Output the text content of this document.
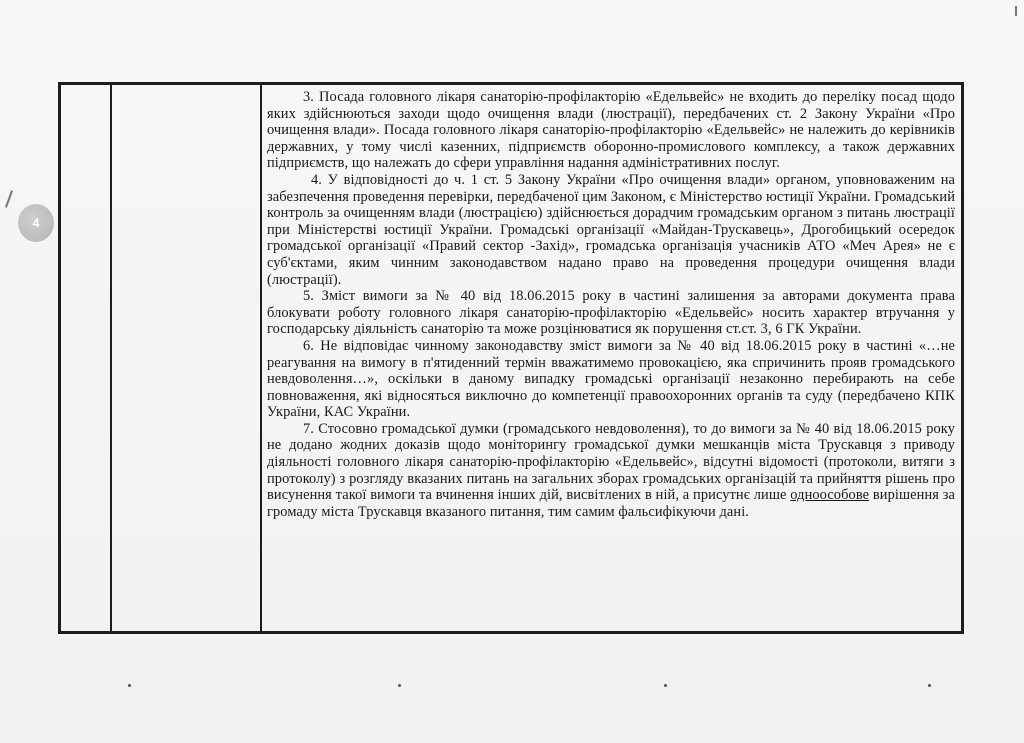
4

3. Посада головного лікаря санаторію-профілакторію «Едельвейс» не входить до переліку посад щодо яких здійснюються заходи щодо очищення влади (люстрації), передбачених ст. 2 Закону України «Про очищення влади». Посада головного лікаря санаторію-профілакторію «Едельвейс» не належить до керівників державних, у тому числі казенних, підприємств оборонно-промислового комплексу, а також державних підприємств, що належать до сфери управління надання адміністративних послуг.

4. У відповідності до ч. 1 ст. 5 Закону України «Про очищення влади» органом, уповноваженим на забезпечення проведення перевірки, передбаченої цим Законом, є Міністерство юстиції України. Громадський контроль за очищенням влади (люстрацією) здійснюється дорадчим громадським органом з питань люстрації при Міністерстві юстиції України. Громадські організації «Майдан-Трускавець», Дрогобицький осередок громадської організації «Правий сектор -Захід», громадська організація учасників АТО «Меч Арея» не є суб'єктами, яким чинним законодавством надано право на проведення процедури очищення влади (люстрації).

5. Зміст вимоги за № 40 від 18.06.2015 року в частині залишення за авторами документа права блокувати роботу головного лікаря санаторію-профілакторію «Едельвейс» носить характер втручання у господарську діяльність санаторію та може розцінюватися як порушення ст.ст. 3, 6 ГК України.

6. Не відповідає чинному законодавству зміст вимоги за № 40 від 18.06.2015 року в частині «…не реагування на вимогу в п'ятиденний термін вважатимемо провокацією, яка спричинить прояв громадського невдоволення…», оскільки в даному випадку громадські організації незаконно перебирають на себе повноваження, які відносяться виключно до компетенції правоохоронних органів та суду (передбачено КПК України, КАС України.

7. Стосовно громадської думки (громадського невдоволення), то до вимоги за № 40 від 18.06.2015 року не додано жодних доказів щодо моніторингу громадської думки мешканців міста Трускавця з приводу діяльності головного лікаря санаторію-профілакторію «Едельвейс», відсутні відомості (протоколи, витяги з протоколу) з розгляду вказаних питань на загальних зборах громадських організацій та прийняття рішень про висунення такої вимоги та вчинення інших дій, висвітлених в ній, а присутнє лише одноособове вирішення за громаду міста Трускавця вказаного питання, тим самим фальсифікуючи дані.
